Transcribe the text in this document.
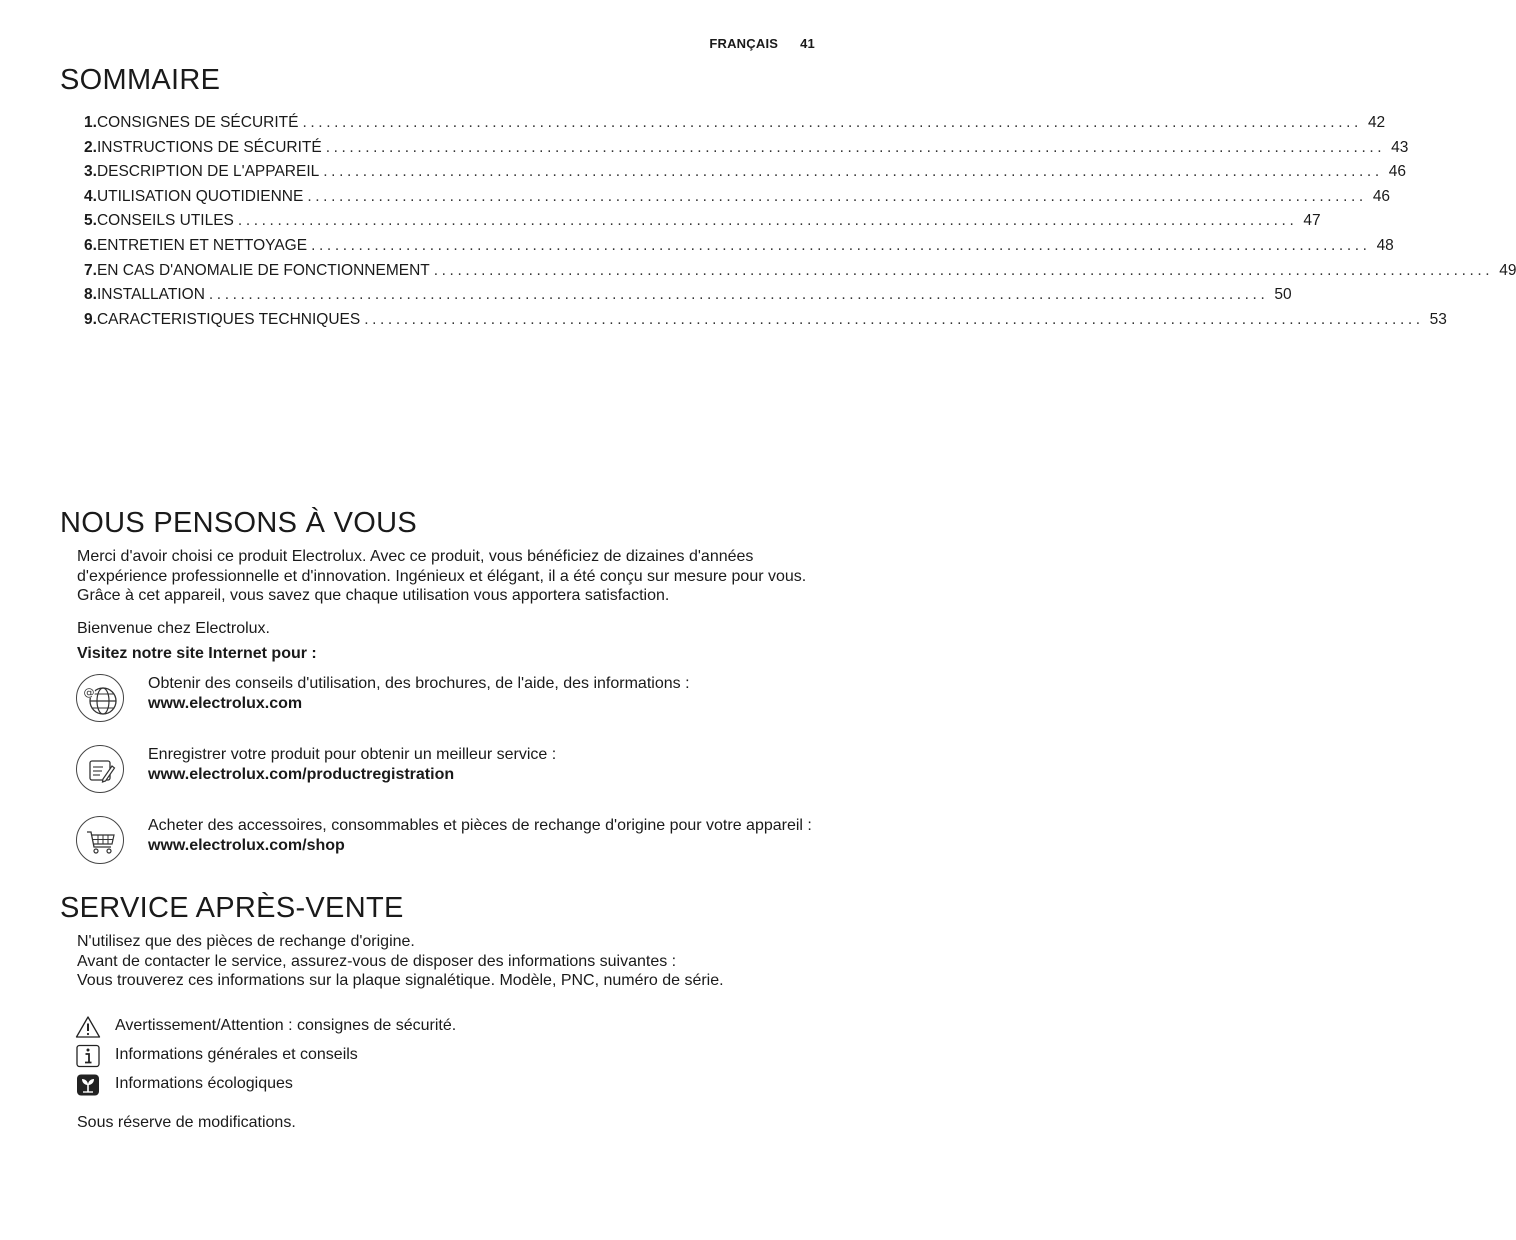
FRANÇAIS 41
SOMMAIRE
1. CONSIGNES DE SÉCURITÉ ...................................................................................................................................... 42
2. INSTRUCTIONS DE SÉCURITÉ ...................................................................................................................................... 43
3. DESCRIPTION DE L'APPAREIL ...................................................................................................................................... 46
4. UTILISATION QUOTIDIENNE ...................................................................................................................................... 46
5. CONSEILS UTILES ...................................................................................................................................... 47
6. ENTRETIEN ET NETTOYAGE ...................................................................................................................................... 48
7. EN CAS D'ANOMALIE DE FONCTIONNEMENT ...................................................................................................................................... 49
8. INSTALLATION ...................................................................................................................................... 50
9. CARACTERISTIQUES TECHNIQUES ...................................................................................................................................... 53
NOUS PENSONS À VOUS
Merci d'avoir choisi ce produit Electrolux. Avec ce produit, vous bénéficiez de dizaines d'années d'expérience professionnelle et d'innovation. Ingénieux et élégant, il a été conçu sur mesure pour vous. Grâce à cet appareil, vous savez que chaque utilisation vous apportera satisfaction.
Bienvenue chez Electrolux.
Visitez notre site Internet pour :
@
Obtenir des conseils d'utilisation, des brochures, de l'aide, des informations :
www.electrolux.com
Enregistrer votre produit pour obtenir un meilleur service :
www.electrolux.com/productregistration
Acheter des accessoires, consommables et pièces de rechange d'origine pour votre appareil :
www.electrolux.com/shop
SERVICE APRÈS-VENTE
N'utilisez que des pièces de rechange d'origine.
Avant de contacter le service, assurez-vous de disposer des informations suivantes :
Vous trouverez ces informations sur la plaque signalétique. Modèle, PNC, numéro de série.
Avertissement/Attention : consignes de sécurité.
Informations générales et conseils
Informations écologiques
Sous réserve de modifications.
